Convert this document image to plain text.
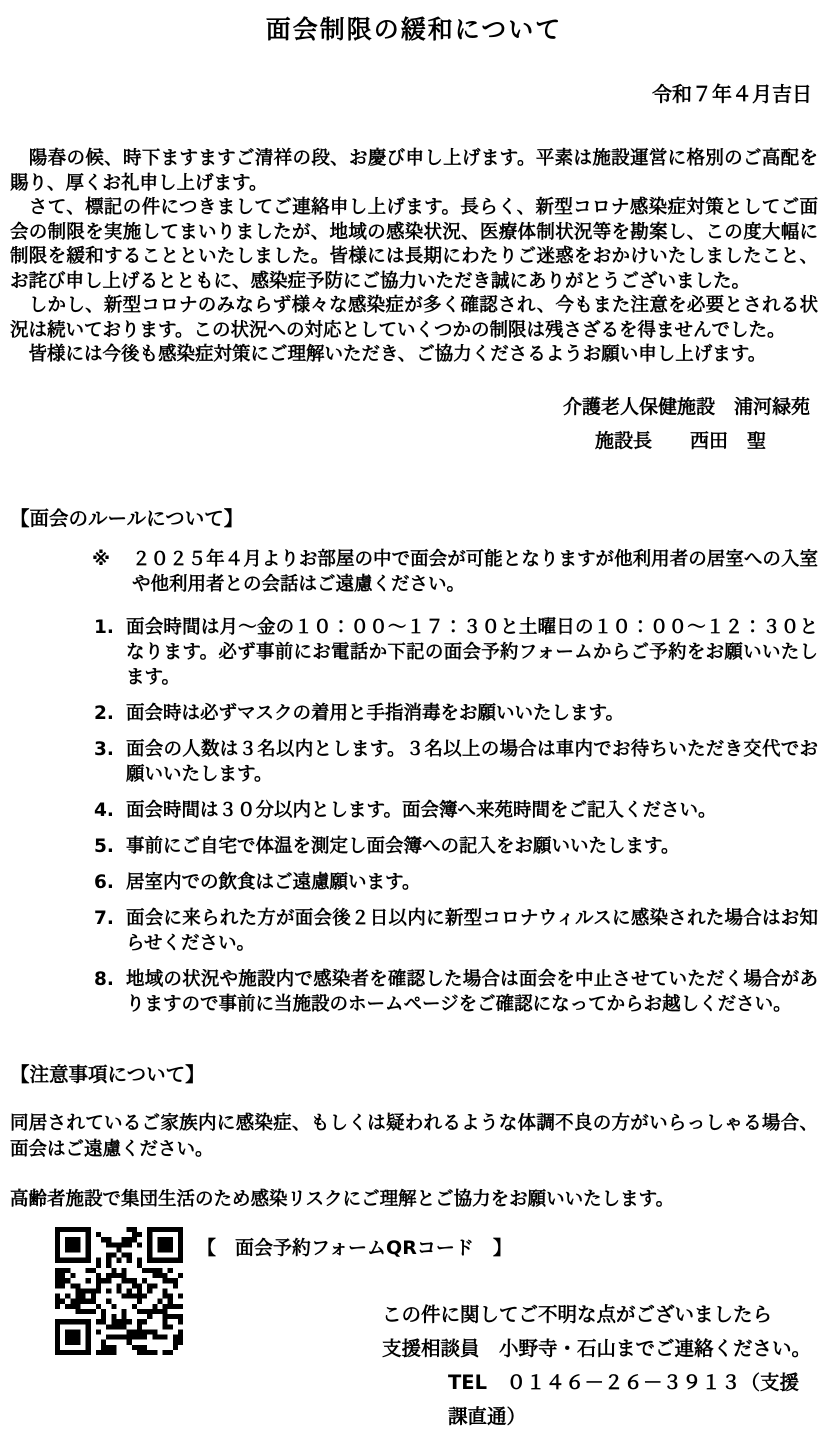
面会制限の緩和について
令和７年４月吉日

　陽春の候、時下ますますご清祥の段、お慶び申し上げます。平素は施設運営に格別のご高配を賜り、厚くお礼申し上げます。

　さて、標記の件につきましてご連絡申し上げます。長らく、新型コロナ感染症対策としてご面会の制限を実施してまいりましたが、地域の感染状況、医療体制状況等を勘案し、この度大幅に制限を緩和することといたしました。皆様には長期にわたりご迷惑をおかけいたしましたこと、お詫び申し上げるとともに、感染症予防にご協力いただき誠にありがとうございました。

　しかし、新型コロナのみならず様々な感染症が多く確認され、今もまた注意を必要とされる状況は続いております。この状況への対応としていくつかの制限は残さざるを得ませんでした。

　皆様には今後も感染症対策にご理解いただき、ご協力くださるようお願い申し上げます。

介護老人保健施設　浦河緑苑
施設長　　西田　聖
【面会のルールについて】
※	２０２５年４月よりお部屋の中で面会が可能となりますが他利用者の居室への入室や他利用者との会話はご遠慮ください。
1. 面会時間は月～金の１０：００～１７：３０と土曜日の１０：００～１２：３０となります。必ず事前にお電話か下記の面会予約フォームからご予約をお願いいたします。
2. 面会時は必ずマスクの着用と手指消毒をお願いいたします。
3. 面会の人数は３名以内とします。３名以上の場合は車内でお待ちいただき交代でお願いいたします。
4. 面会時間は３０分以内とします。面会簿へ来苑時間をご記入ください。
5. 事前にご自宅で体温を測定し面会簿への記入をお願いいたします。
6. 居室内での飲食はご遠慮願います。
7. 面会に来られた方が面会後２日以内に新型コロナウィルスに感染された場合はお知らせください。
8. 地域の状況や施設内で感染者を確認した場合は面会を中止させていただく場合がありますので事前に当施設のホームページをご確認になってからお越しください。
【注意事項について】

同居されているご家族内に感染症、もしくは疑われるような体調不良の方がいらっしゃる場合、面会はご遠慮ください。

高齢者施設で集団生活のため感染リスクにご理解とご協力をお願いいたします。

【　面会予約フォームQRコード　】

この件に関してご不明な点がございましたら

支援相談員　小野寺・石山までご連絡ください。

TEL　０１４６－２６－３９１３（支援課直通）
